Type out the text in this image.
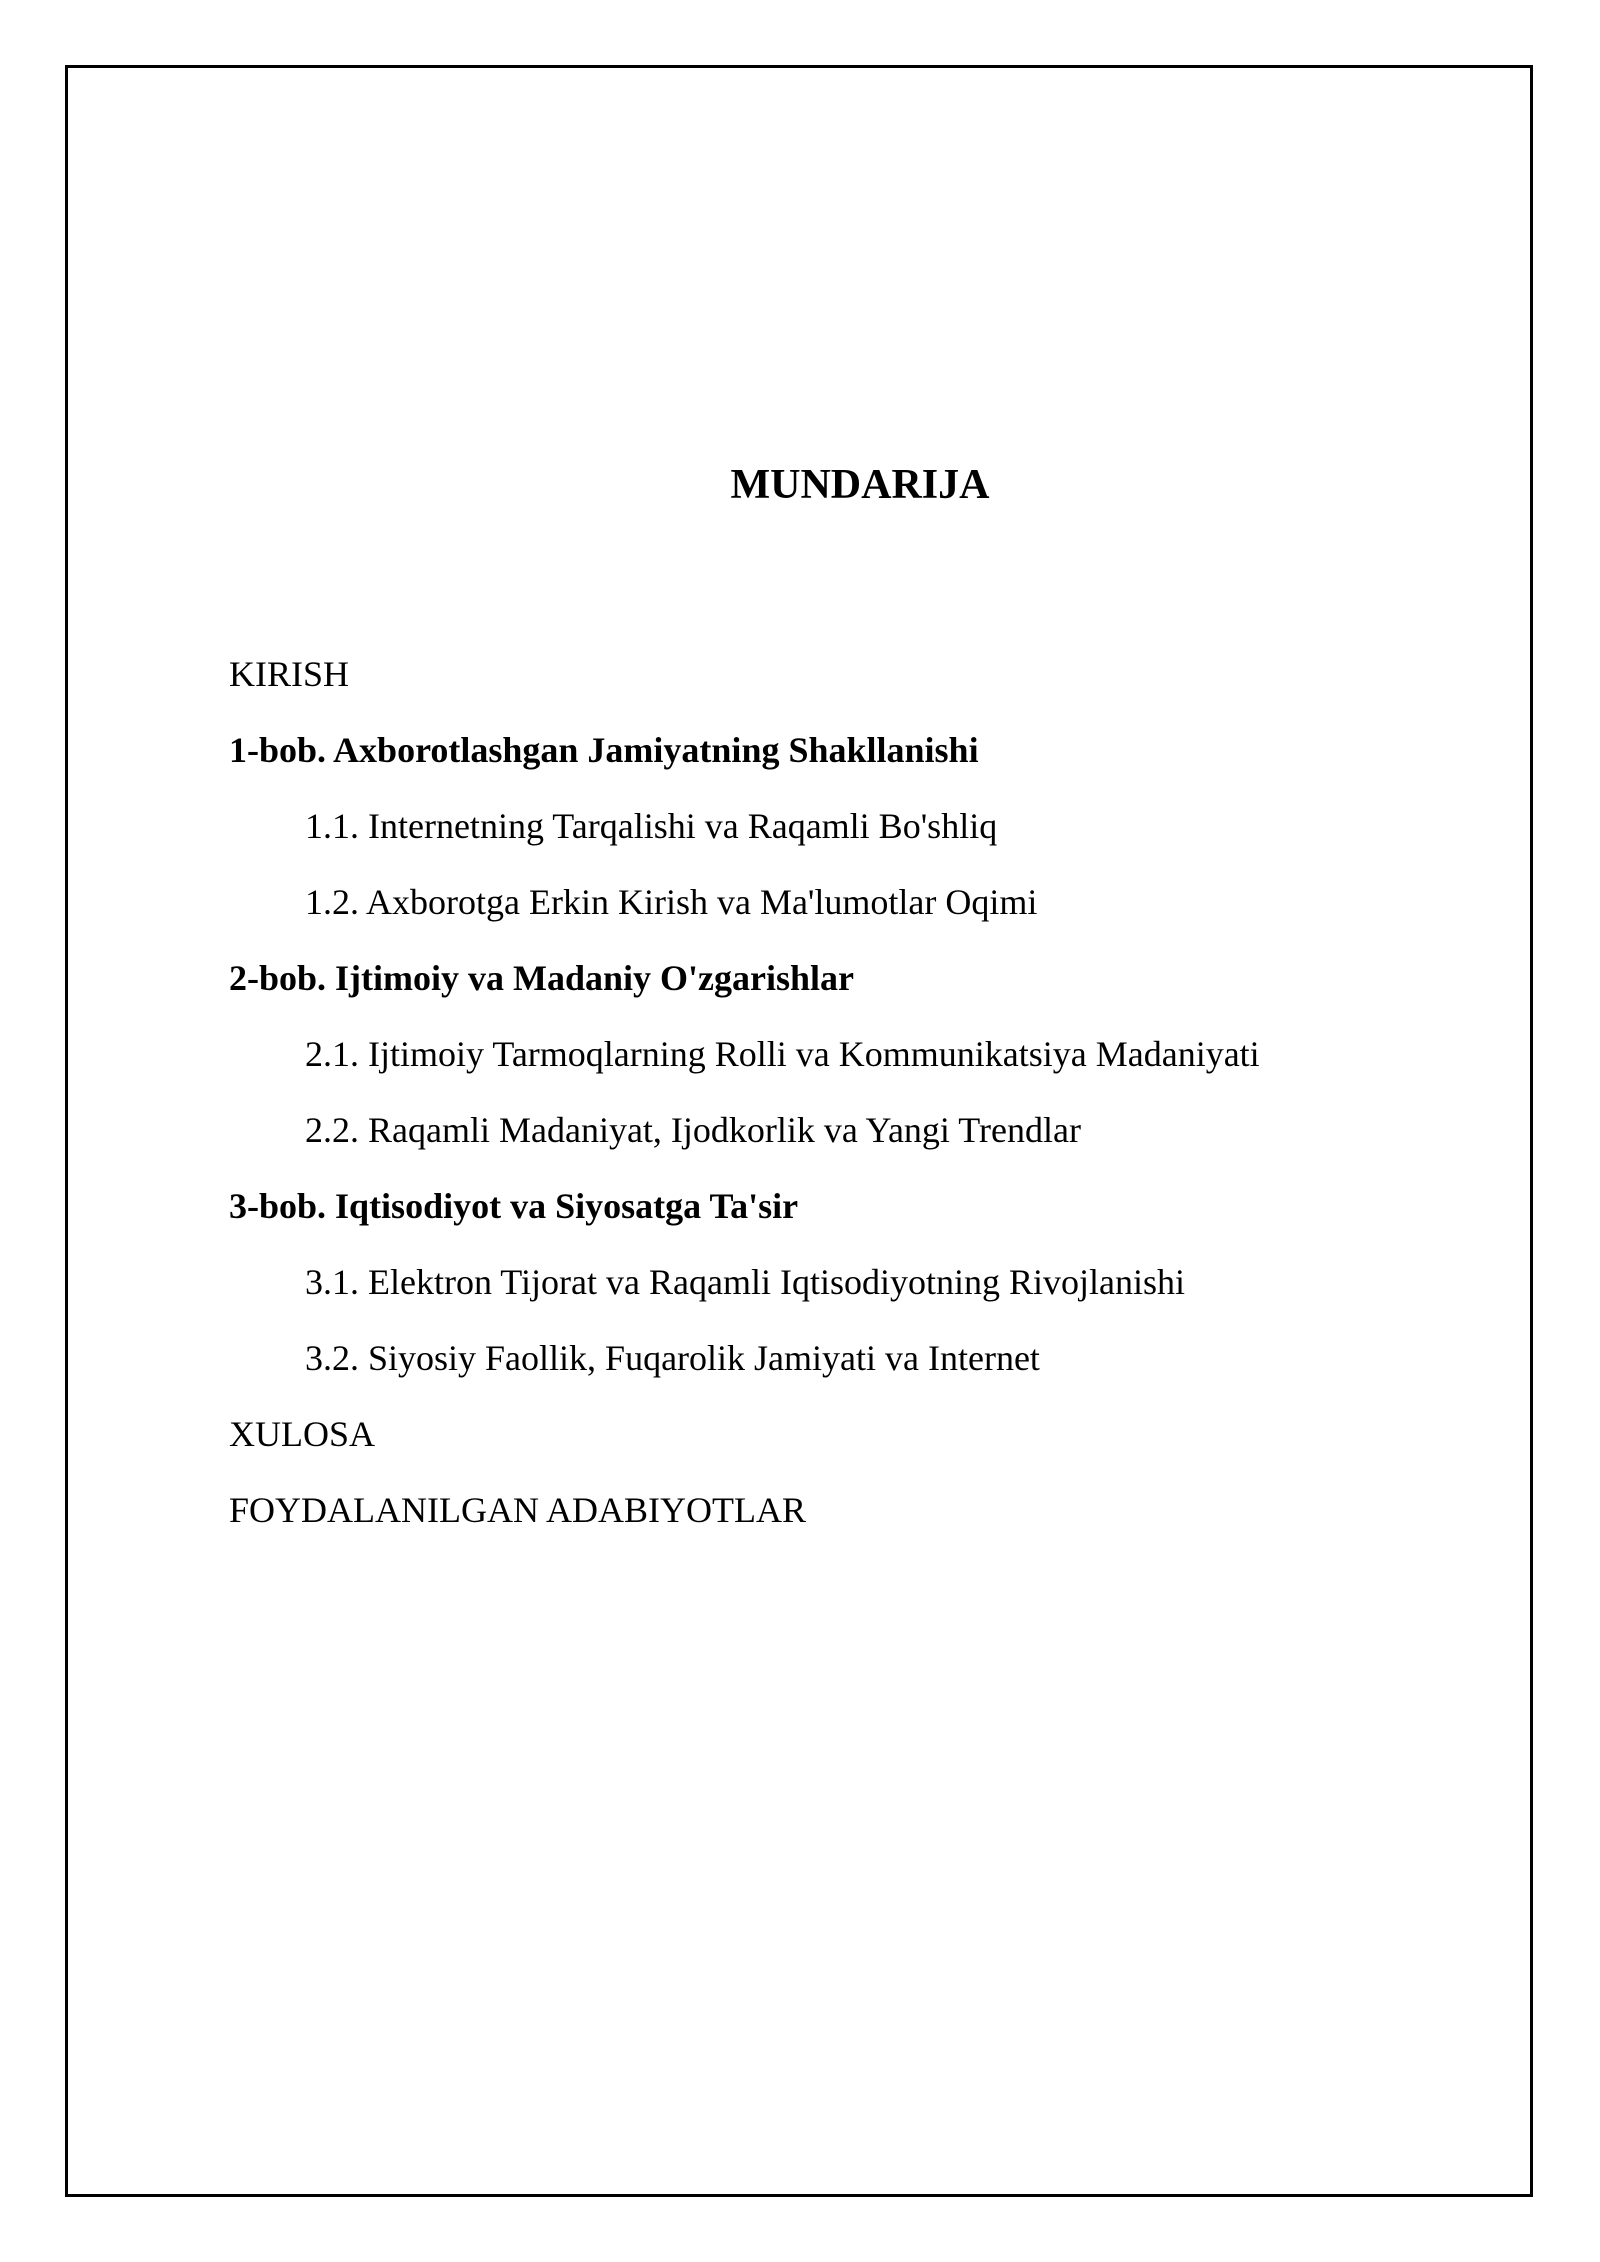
MUNDARIJA
KIRISH
1-bob. Axborotlashgan Jamiyatning Shakllanishi
1.1. Internetning Tarqalishi va Raqamli Bo'shliq
1.2. Axborotga Erkin Kirish va Ma'lumotlar Oqimi
2-bob. Ijtimoiy va Madaniy O'zgarishlar
2.1. Ijtimoiy Tarmoqlarning Rolli va Kommunikatsiya Madaniyati
2.2. Raqamli Madaniyat, Ijodkorlik va Yangi Trendlar
3-bob. Iqtisodiyot va Siyosatga Ta'sir
3.1. Elektron Tijorat va Raqamli Iqtisodiyotning Rivojlanishi
3.2. Siyosiy Faollik, Fuqarolik Jamiyati va Internet
XULOSA
FOYDALANILGAN ADABIYOTLAR
